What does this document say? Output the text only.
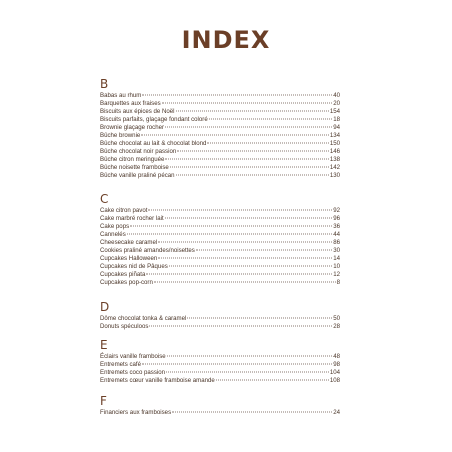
INDEX
B
Babas au rhum	40
Barquettes aux fraises	20
Biscuits aux épices de Noël	154
Biscuits parfaits, glaçage fondant coloré	18
Brownie glaçage rocher	94
Bûche brownie	134
Bûche chocolat au lait & chocolat blond	150
Bûche chocolat noir passion	146
Bûche citron meringuée	138
Bûche noisette framboise	142
Bûche vanille praliné pécan	130
C
Cake citron pavot	92
Cake marbré rocher lait	96
Cake pops	36
Cannelés	44
Cheesecake caramel	86
Cookies praliné amandes/noisettes	30
Cupcakes Halloween	14
Cupcakes nid de Pâques	10
Cupcakes piñata	12
Cupcakes pop-corn	8
D
Dôme chocolat tonka & caramel	50
Donuts spéculoos	28
E
Éclairs vanille framboise	48
Entremets café	98
Entremets coco passion	104
Entremets cœur vanille framboise amande	108
F
Financiers aux framboises	24
